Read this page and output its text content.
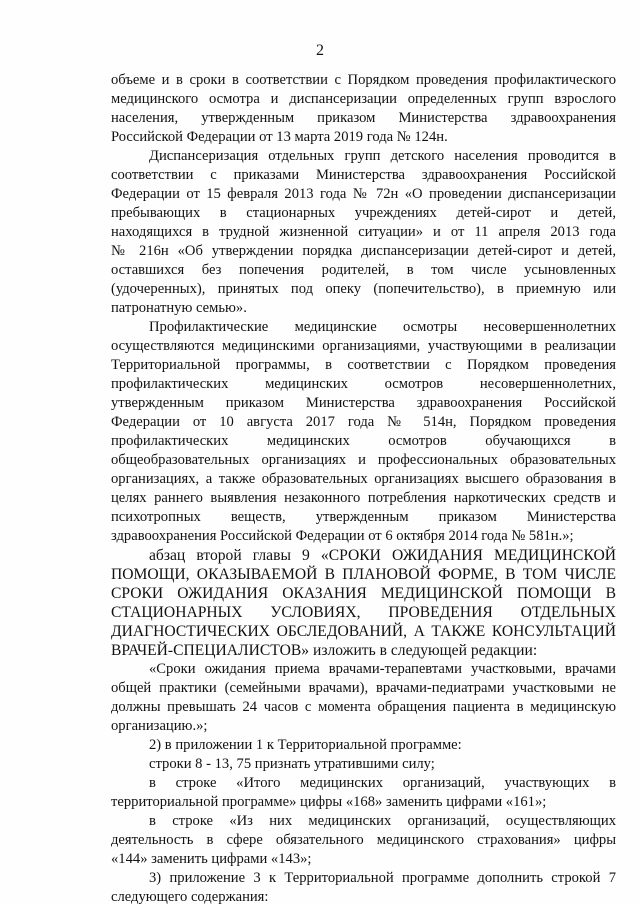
2
объеме и в сроки в соответствии с Порядком проведения профилактического
медицинского осмотра и диспансеризации определенных групп взрослого
населения, утвержденным приказом Министерства здравоохранения
Российской Федерации от 13 марта 2019 года № 124н.
Диспансеризация отдельных групп детского населения проводится в
соответствии с приказами Министерства здравоохранения Российской
Федерации от 15 февраля 2013 года № 72н «О проведении диспансеризации
пребывающих в стационарных учреждениях детей-сирот и детей,
находящихся в трудной жизненной ситуации» и от 11 апреля 2013 года
№ 216н «Об утверждении порядка диспансеризации детей-сирот и детей,
оставшихся без попечения родителей, в том числе усыновленных
(удочеренных), принятых под опеку (попечительство), в приемную или
патронатную семью».
Профилактические медицинские осмотры несовершеннолетних
осуществляются медицинскими организациями, участвующими в реализации
Территориальной программы, в соответствии с Порядком проведения
профилактических медицинских осмотров несовершеннолетних,
утвержденным приказом Министерства здравоохранения Российской
Федерации от 10 августа 2017 года № 514н, Порядком проведения
профилактических медицинских осмотров обучающихся в
общеобразовательных организациях и профессиональных образовательных
организациях, а также образовательных организациях высшего образования в
целях раннего выявления незаконного потребления наркотических средств и
психотропных веществ, утвержденным приказом Министерства
здравоохранения Российской Федерации от 6 октября 2014 года № 581н.»;
абзац второй главы 9 «СРОКИ ОЖИДАНИЯ МЕДИЦИНСКОЙ
ПОМОЩИ, ОКАЗЫВАЕМОЙ В ПЛАНОВОЙ ФОРМЕ, В ТОМ ЧИСЛЕ
СРОКИ ОЖИДАНИЯ ОКАЗАНИЯ МЕДИЦИНСКОЙ ПОМОЩИ В
СТАЦИОНАРНЫХ УСЛОВИЯХ, ПРОВЕДЕНИЯ ОТДЕЛЬНЫХ
ДИАГНОСТИЧЕСКИХ ОБСЛЕДОВАНИЙ, А ТАКЖЕ КОНСУЛЬТАЦИЙ
ВРАЧЕЙ-СПЕЦИАЛИСТОВ» изложить в следующей редакции:
«Сроки ожидания приема врачами-терапевтами участковыми, врачами
общей практики (семейными врачами), врачами-педиатрами участковыми не
должны превышать 24 часов с момента обращения пациента в медицинскую
организацию.»;
2) в приложении 1 к Территориальной программе:
строки 8 - 13, 75 признать утратившими силу;
в строке «Итого медицинских организаций, участвующих в
территориальной программе» цифры «168» заменить цифрами «161»;
в строке «Из них медицинских организаций, осуществляющих
деятельность в сфере обязательного медицинского страхования» цифры
«144» заменить цифрами «143»;
3) приложение 3 к Территориальной программе дополнить строкой 7
следующего содержания:
